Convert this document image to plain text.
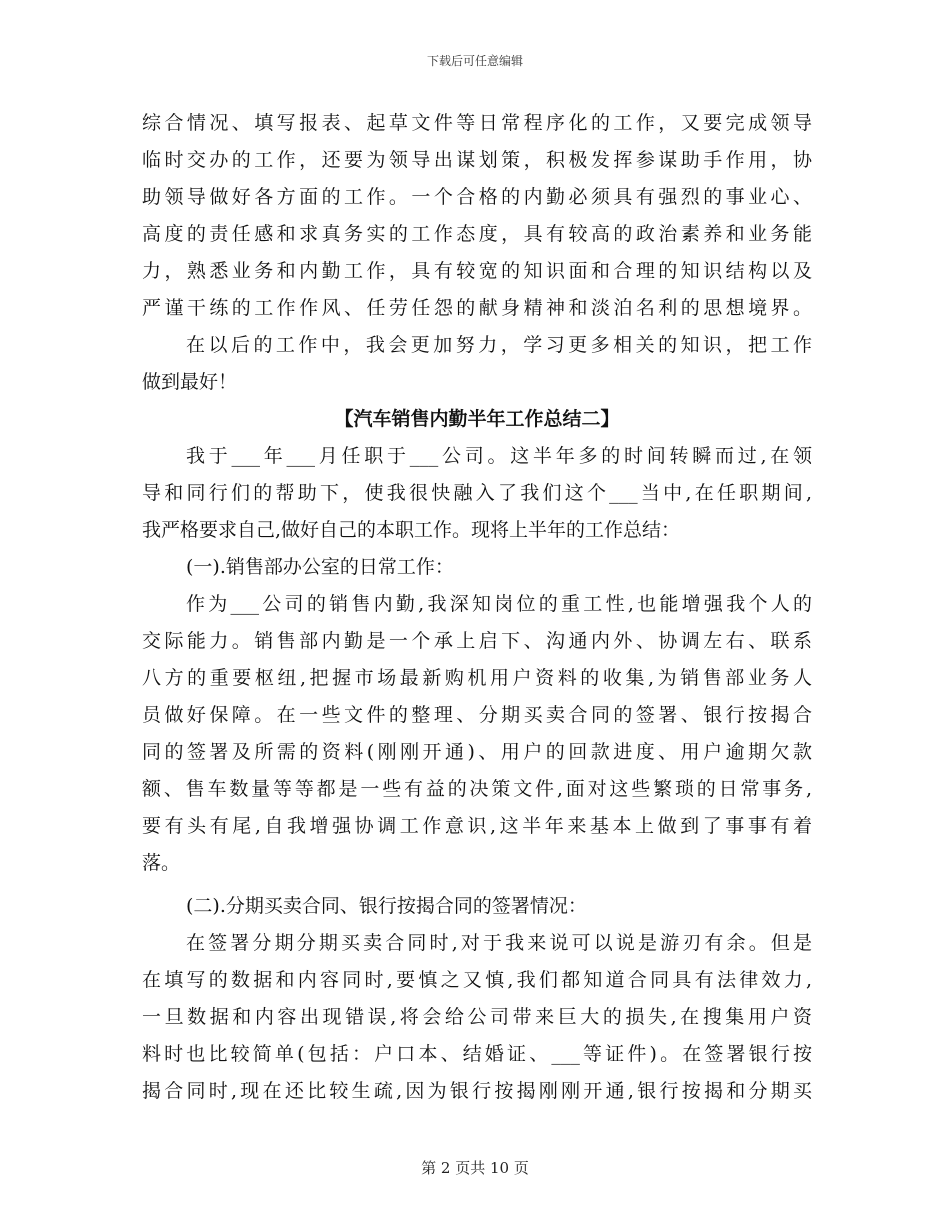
下载后可任意编辑
综合情况、填写报表、起草文件等日常程序化的工作，又要完成领导
临时交办的工作，还要为领导出谋划策，积极发挥参谋助手作用，协
助领导做好各方面的工作。一个合格的内勤必须具有强烈的事业心、
高度的责任感和求真务实的工作态度，具有较高的政治素养和业务能
力，熟悉业务和内勤工作，具有较宽的知识面和合理的知识结构以及
严谨干练的工作作风、任劳任怨的献身精神和淡泊名利的思想境界。
在以后的工作中，我会更加努力，学习更多相关的知识，把工作
做到最好！
【汽车销售内勤半年工作总结二】
我于___年___月任职于___公司。这半年多的时间转瞬而过,在领
导和同行们的帮助下，使我很快融入了我们这个___当中,在任职期间,
我严格要求自己,做好自己的本职工作。现将上半年的工作总结：
(一).销售部办公室的日常工作：
作为___公司的销售内勤,我深知岗位的重工性,也能增强我个人的
交际能力。销售部内勤是一个承上启下、沟通内外、协调左右、联系
八方的重要枢纽,把握市场最新购机用户资料的收集,为销售部业务人
员做好保障。在一些文件的整理、分期买卖合同的签署、银行按揭合
同的签署及所需的资料(刚刚开通)、用户的回款进度、用户逾期欠款
额、售车数量等等都是一些有益的决策文件,面对这些繁琐的日常事务,
要有头有尾,自我增强协调工作意识,这半年来基本上做到了事事有着
落。
(二).分期买卖合同、银行按揭合同的签署情况：
在签署分期分期买卖合同时,对于我来说可以说是游刃有余。但是
在填写的数据和内容同时,要慎之又慎,我们都知道合同具有法律效力,
一旦数据和内容出现错误,将会给公司带来巨大的损失,在搜集用户资
料时也比较简单(包括：户口本、结婚证、___等证件)。在签署银行按
揭合同时,现在还比较生疏,因为银行按揭刚刚开通,银行按揭和分期买
第 2 页共 10 页
